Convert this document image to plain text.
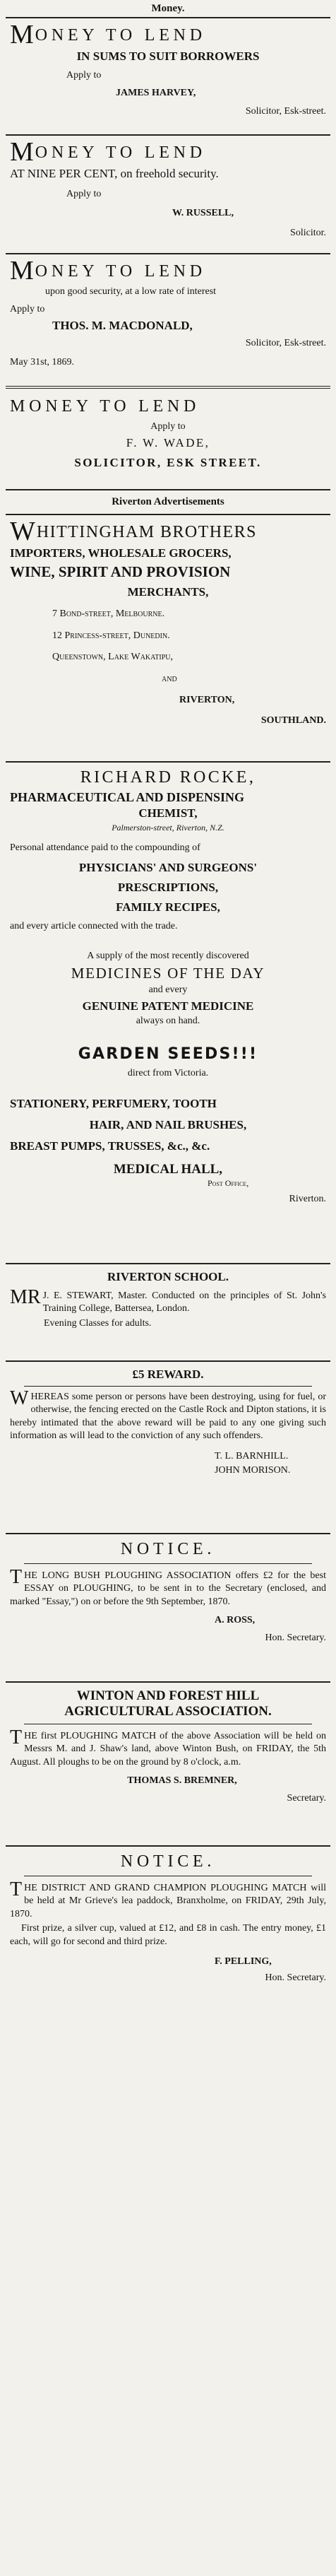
Money.
M ONEY TO LEND
IN SUMS TO SUIT BORROWERS
Apply to
JAMES HARVEY,
Solicitor, Esk-street.
M ONEY TO LEND
AT NINE PER CENT, on freehold security.
Apply to
W. RUSSELL,
Solicitor.
M ONEY TO LEND
upon good security, at a low rate of interest
Apply to
THOS. M. MACDONALD,
Solicitor, Esk-street.
May 31st, 1869.
MONEY TO LEND
Apply to
F. W. WADE,
SOLICITOR, ESK STREET.
Riverton Advertisements
W HITTINGHAM BROTHERS
IMPORTERS, WHOLESALE GROCERS,
WINE, SPIRIT AND PROVISION
MERCHANTS,
7 Bond-street, Melbourne.
12 Princess-street, Dunedin.
Queenstown, Lake Wakatipu,
and
RIVERTON,
SOUTHLAND.
RICHARD ROCKE,
PHARMACEUTICAL AND DISPENSING
CHEMIST,
Palmerston-street, Riverton, N.Z.
Personal attendance paid to the compounding of
PHYSICIANS' AND SURGEONS'
PRESCRIPTIONS,
FAMILY RECIPES,
and every article connected with the trade.
A supply of the most recently discovered
MEDICINES OF THE DAY
and every
GENUINE PATENT MEDICINE
always on hand.
GARDEN SEEDS!!!
direct from Victoria.
STATIONERY, PERFUMERY, TOOTH
HAIR, AND NAIL BRUSHES,
BREAST PUMPS, TRUSSES, &c., &c.
MEDICAL HALL,
Post Office,
Riverton.
RIVERTON SCHOOL.
MR J. E. STEWART, Master. Conducted on the principles of St. John's Training College, Battersea, London.
Evening Classes for adults.
£5 REWARD.
W HEREAS some person or persons have been destroying, using for fuel, or otherwise, the fencing erected on the Castle Rock and Dipton stations, it is hereby intimated that the above reward will be paid to any one giving such information as will lead to the conviction of any such offenders.
T. L. BARNHILL.
JOHN MORISON.
NOTICE.
T HE LONG BUSH PLOUGHING ASSOCIATION offers £2 for the best ESSAY on PLOUGHING, to be sent in to the Secretary (enclosed, and marked "Essay,") on or before the 9th September, 1870.
A. ROSS,
Hon. Secretary.
WINTON AND FOREST HILL
AGRICULTURAL ASSOCIATION.
T HE first PLOUGHING MATCH of the above Association will be held on Messrs M. and J. Shaw's land, above Winton Bush, on FRIDAY, the 5th August. All ploughs to be on the ground by 8 o'clock, a.m.
THOMAS S. BREMNER,
Secretary.
NOTICE.
T HE DISTRICT AND GRAND CHAMPION PLOUGHING MATCH will be held at Mr Grieve's lea paddock, Branxholme, on FRIDAY, 29th July, 1870.
First prize, a silver cup, valued at £12, and £8 in cash. The entry money, £1 each, will go for second and third prize.
F. PELLING,
Hon. Secretary.
